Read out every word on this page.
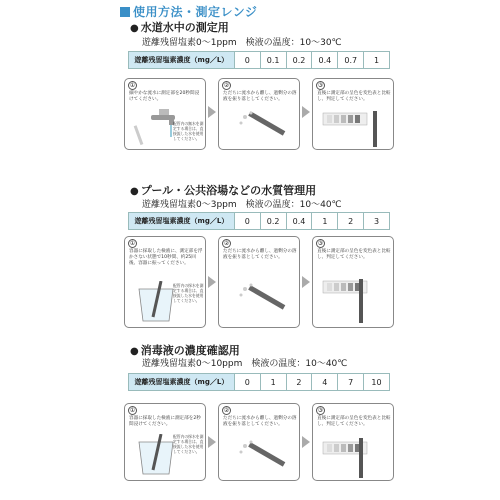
使用方法・測定レンジ
● 水道水中の測定用
遊離残留塩素0〜1ppm　検液の温度：10〜30℃
遊離残留塩素濃度（mg／L）	0	0.1	0.2	0.4	0.7	1
①
細やかな流水に測定部を20秒間浸けてください。
配管内の無水を測定する場合は、直接流した水を使用してください。
②
ただちに流水から離し、過剰分の溶液を振り落としてください。
③
直後に測定部の呈色を変色表と比較し、判定してください。
● プール・公共浴場などの水質管理用
遊離残留塩素0〜3ppm　検液の温度：10〜40℃
遊離残留塩素濃度（mg／L）	0	0.2	0.4	1	2	3
①
容器に採取した検液に、測定部を浮かさない状態で10秒間、約25回後、容器に振ってください。
配管内の採水を測定する場合は、直接流した水を使用してください。
②
ただちに流水から離し、過剰分の溶液を振り落としてください。
③
直後に測定部の呈色を変色表と比較し、判定してください。
● 消毒液の濃度確認用
遊離残留塩素0〜10ppm　検液の温度：10〜40℃
遊離残留塩素濃度（mg／L）	0	1	2	4	7	10
①
容器に採取した検液に測定部を2秒間浸けてください。
配管内の採水を測定する場合は、直接流した水を使用してください。
②
ただちに流水から離し、過剰分の溶液を振り落としてください。
③
直後に測定部の呈色を変色表と比較し、判定してください。
